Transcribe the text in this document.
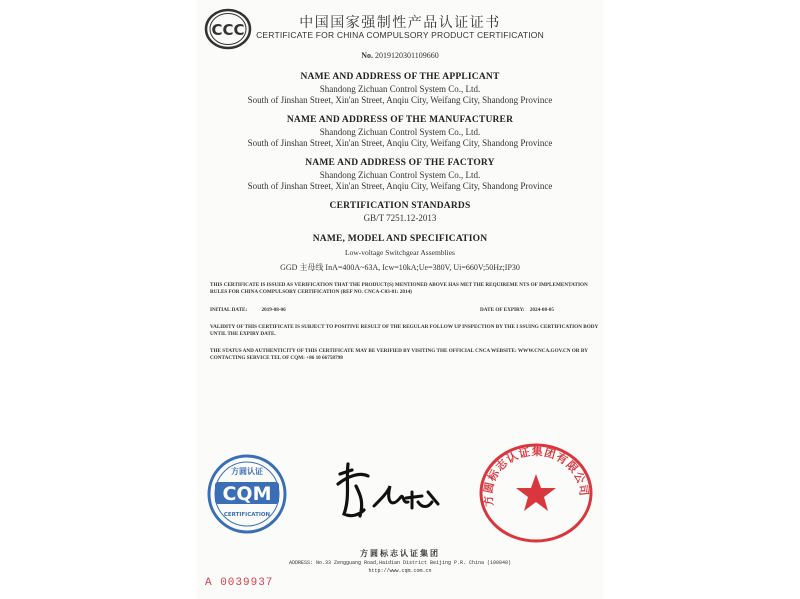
CCC	中国国家强制性产品认证证书
CERTIFICATE FOR CHINA COMPULSORY PRODUCT CERTIFICATION
No. 2019120301109660
NAME AND ADDRESS OF THE APPLICANT
Shandong Zichuan Control System Co., Ltd.
South of Jinshan Street, Xin'an Street, Anqiu City, Weifang City, Shandong Province
NAME AND ADDRESS OF THE MANUFACTURER
Shandong Zichuan Control System Co., Ltd.
South of Jinshan Street, Xin'an Street, Anqiu City, Weifang City, Shandong Province
NAME AND ADDRESS OF THE FACTORY
Shandong Zichuan Control System Co., Ltd.
South of Jinshan Street, Xin'an Street, Anqiu City, Weifang City, Shandong Province
CERTIFICATION STANDARDS
GB/T 7251.12-2013
NAME, MODEL AND SPECIFICATION
Low-voltage Switchgear Assemblies
GGD 主母线 InA=400A~63A, Icw=10kA;Ue=380V, Ui=660V;50Hz;IP30
THIS CERTIFICATE IS ISSUED AS VERIFICATION THAT THE PRODUCT(S) MENTIONED ABOVE HAS MET THE REQUIREME NTS OF IMPLEMENTATION RULES FOR CHINA COMPULSORY CERTIFICATION (REF NO. CNCA-C03-01: 2014)
INITIAL DATE:	2019-08-06	DATE OF EXPIRY: 2024-08-05
VALIDITY OF THIS CERTIFICATE IS SUBJECT TO POSITIVE RESULT OF THE REGULAR FOLLOW UP INSPECTION BY THE I SSUING CERTIFICATION BODY UNTIL THE EXPIRY DATE.
THE STATUS AND AUTHENTICITY OF THIS CERTIFICATE MAY BE VERIFIED BY VISITING THE OFFICIAL CNCA WEBSITE: WWW.CNCA.GOV.CN OR BY CONTACTING SERVICE TEL OF CQM: +86 10 66758798
方圆认证
CQM
CERTIFICATION
方圆标志认证集团有限公司
方圆标志认证集团
ADDRESS: No.33 Zengguang Road,Haidian District Beijing P.R. China (100048)
http://www.cqm.com.cn
A 0039937
